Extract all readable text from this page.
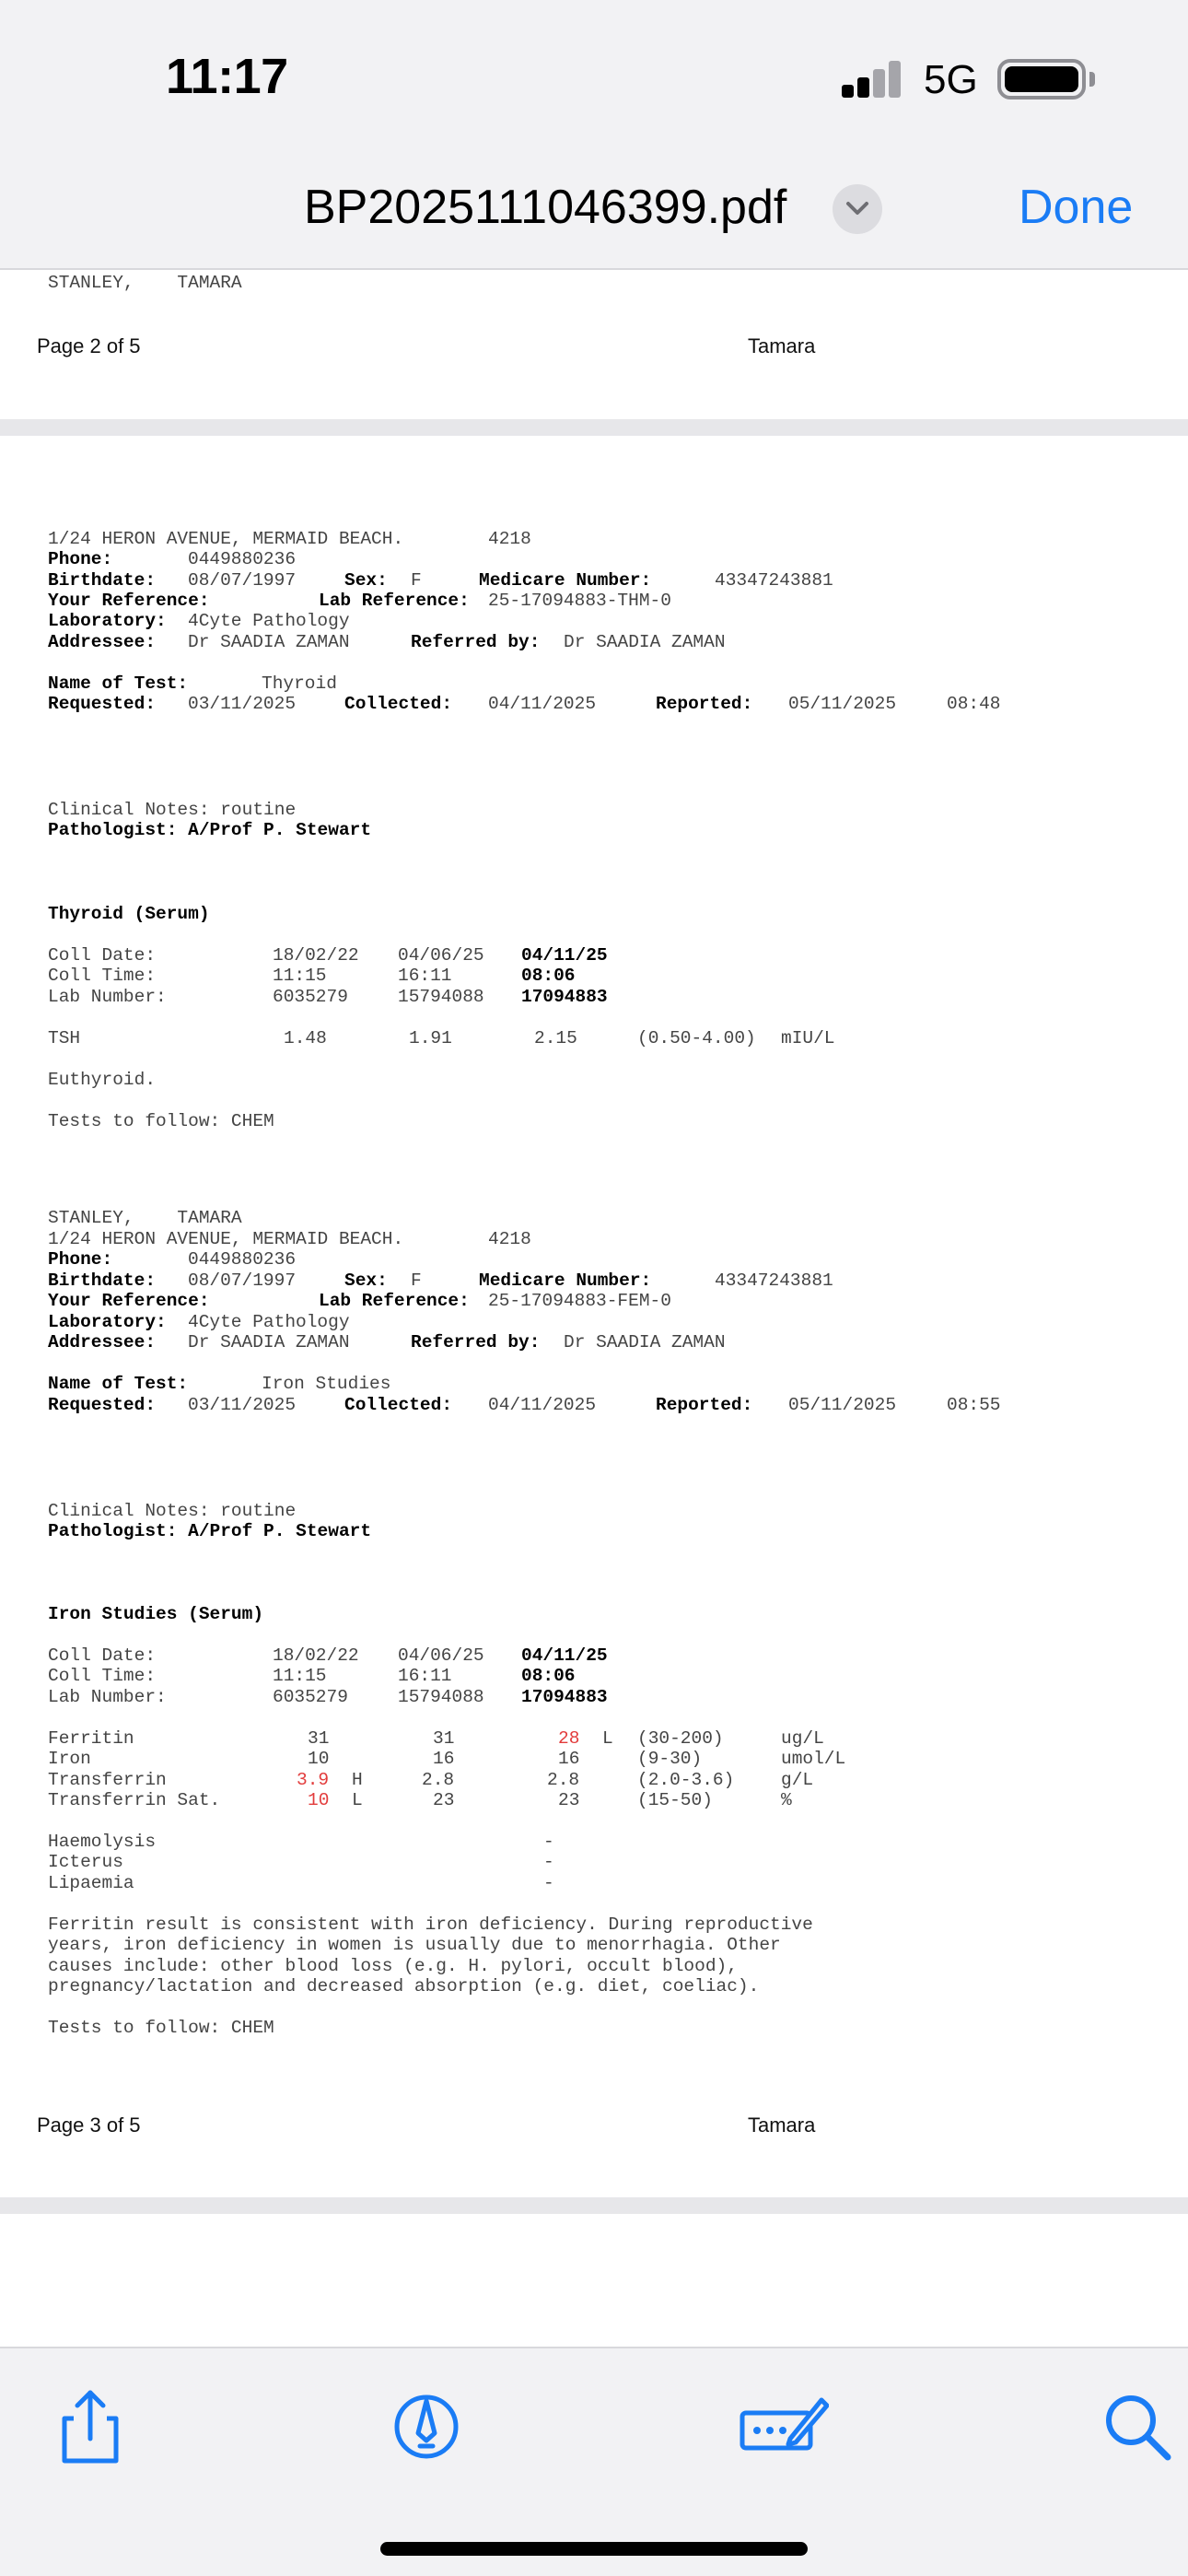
11:17	5G
BP2025111046399.pdf	Done
STANLEY,    TAMARA
Page 2 of 5	Tamara
1/24 HERON AVENUE, MERMAID BEACH.	4218
Phone:	0449880236
Birthdate: 08/07/1997	Sex: F	Medicare Number:	43347243881
Your Reference:	Lab Reference: 25-17094883-THM-0
Laboratory: 4Cyte Pathology
Addressee: Dr SAADIA ZAMAN	Referred by: Dr SAADIA ZAMAN
Name of Test:	Thyroid
Requested: 03/11/2025	Collected: 04/11/2025	Reported: 05/11/2025	08:48
Clinical Notes: routine
Pathologist: A/Prof P. Stewart
Thyroid (Serum)
Coll Date:	18/02/22 04/06/25 04/11/25
Coll Time:	11:15	16:11	08:06
Lab Number:	6035279	15794088 17094883
TSH	1.48	1.91	2.15	(0.50-4.00) mIU/L
Euthyroid.
Tests to follow: CHEM
STANLEY,    TAMARA
1/24 HERON AVENUE, MERMAID BEACH.	4218
Phone:	0449880236
Birthdate: 08/07/1997	Sex: F	Medicare Number:	43347243881
Your Reference:	Lab Reference: 25-17094883-FEM-0
Laboratory: 4Cyte Pathology
Addressee: Dr SAADIA ZAMAN	Referred by: Dr SAADIA ZAMAN
Name of Test:	Iron Studies
Requested: 03/11/2025	Collected: 04/11/2025	Reported: 05/11/2025	08:55
Clinical Notes: routine
Pathologist: A/Prof P. Stewart
Iron Studies (Serum)
Coll Date:	18/02/22 04/06/25 04/11/25
Coll Time:	11:15	16:11	08:06
Lab Number:	6035279	15794088 17094883
Ferritin	31	31	28 L (30-200)	ug/L
Iron	10	16	16	(9-30)	umol/L
Transferrin	3.9 H	2.8	2.8	(2.0-3.6)	g/L
Transferrin Sat.	10 L	23	23	(15-50)	%
Haemolysis	-
Icterus	-
Lipaemia	-
Ferritin result is consistent with iron deficiency. During reproductive
years, iron deficiency in women is usually due to menorrhagia. Other
causes include: other blood loss (e.g. H. pylori, occult blood),
pregnancy/lactation and decreased absorption (e.g. diet, coeliac).
Tests to follow: CHEM
Page 3 of 5	Tamara
